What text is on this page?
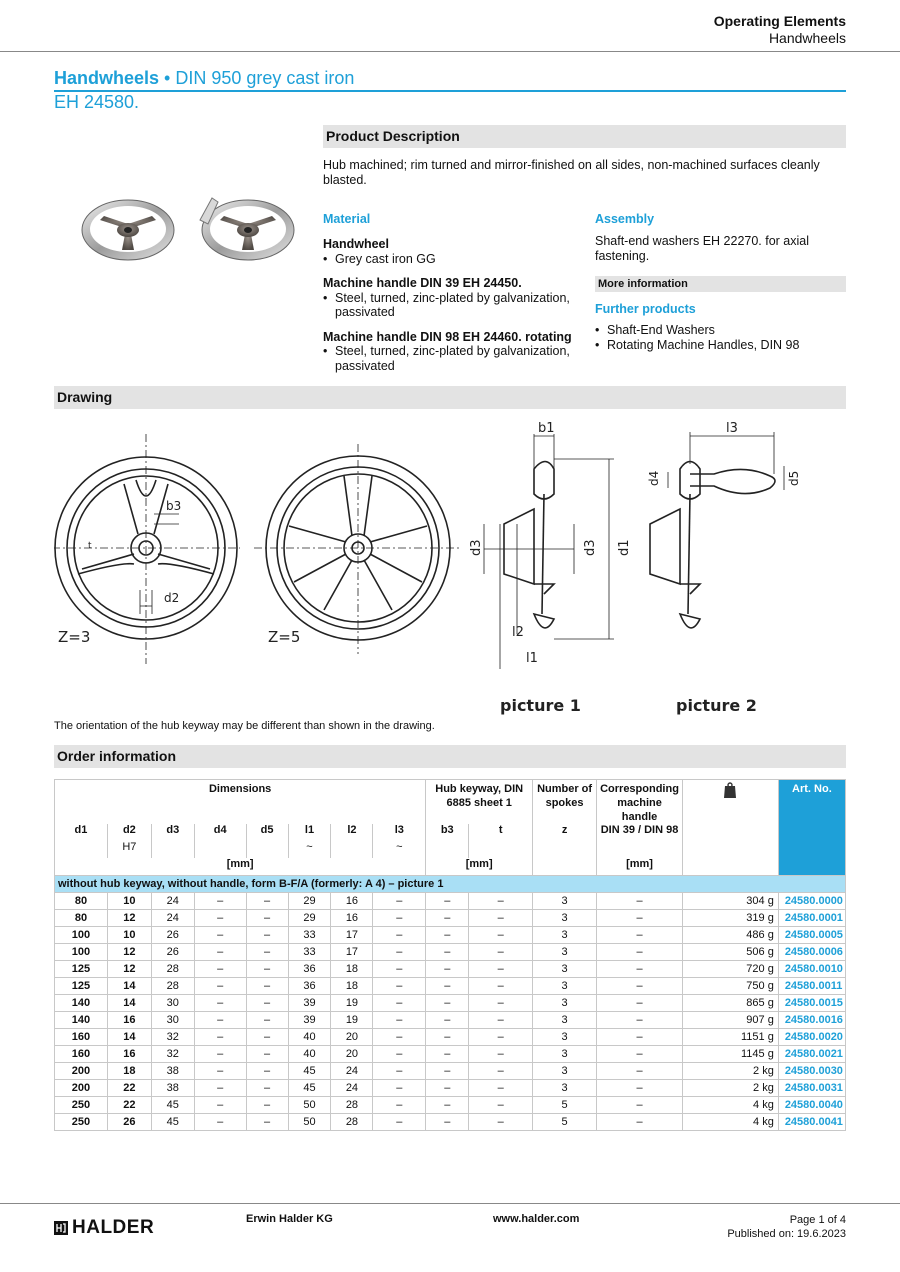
Operating Elements
Handwheels
Handwheels • DIN 950 grey cast iron
EH 24580.
Product Description
Hub machined; rim turned and mirror-finished on all sides, non-machined surfaces cleanly blasted.
Material
Handwheel
• Grey cast iron GG
Machine handle DIN 39 EH 24450.
• Steel, turned, zinc-plated by galvanization, passivated
Machine handle DIN 98 EH 24460. rotating
• Steel, turned, zinc-plated by galvanization, passivated
Assembly
Shaft-end washers EH 22270. for axial fastening.
More information
Further products
• Shaft-End Washers
• Rotating Machine Handles, DIN 98
Drawing
Z=3
b3
d2
t
Z=5
b1
d3
d3	d1
l2
l1
l3
d4	d5
picture 1	picture 2
The orientation of the hub keyway may be different than shown in the drawing.
Order information
Dimensions								Hub keyway, DIN 6885 sheet 1		Number of spokes	Corresponding machine handle		Art. No.
d1	d2	d3	d4	d5	l1	l2	l3	b3	t	z	DIN 39 / DIN 98		
	H7				~		~						
[mm]								[mm]			[mm]		
without hub keyway, without handle, form B-F/A (formerly: A 4) – picture 1													
80	10	24	–	–	29	16	–	–	–	3	–	304 g	24580.0000
80	12	24	–	–	29	16	–	–	–	3	–	319 g	24580.0001
100	10	26	–	–	33	17	–	–	–	3	–	486 g	24580.0005
100	12	26	–	–	33	17	–	–	–	3	–	506 g	24580.0006
125	12	28	–	–	36	18	–	–	–	3	–	720 g	24580.0010
125	14	28	–	–	36	18	–	–	–	3	–	750 g	24580.0011
140	14	30	–	–	39	19	–	–	–	3	–	865 g	24580.0015
140	16	30	–	–	39	19	–	–	–	3	–	907 g	24580.0016
160	14	32	–	–	40	20	–	–	–	3	–	1151 g	24580.0020
160	16	32	–	–	40	20	–	–	–	3	–	1145 g	24580.0021
200	18	38	–	–	45	24	–	–	–	3	–	2 kg	24580.0030
200	22	38	–	–	45	24	–	–	–	3	–	2 kg	24580.0031
250	22	45	–	–	50	28	–	–	–	5	–	4 kg	24580.0040
250	26	45	–	–	50	28	–	–	–	5	–	4 kg	24580.0041
HALDER	Erwin Halder KG	www.halder.com	Page 1 of 4
Published on: 19.6.2023
